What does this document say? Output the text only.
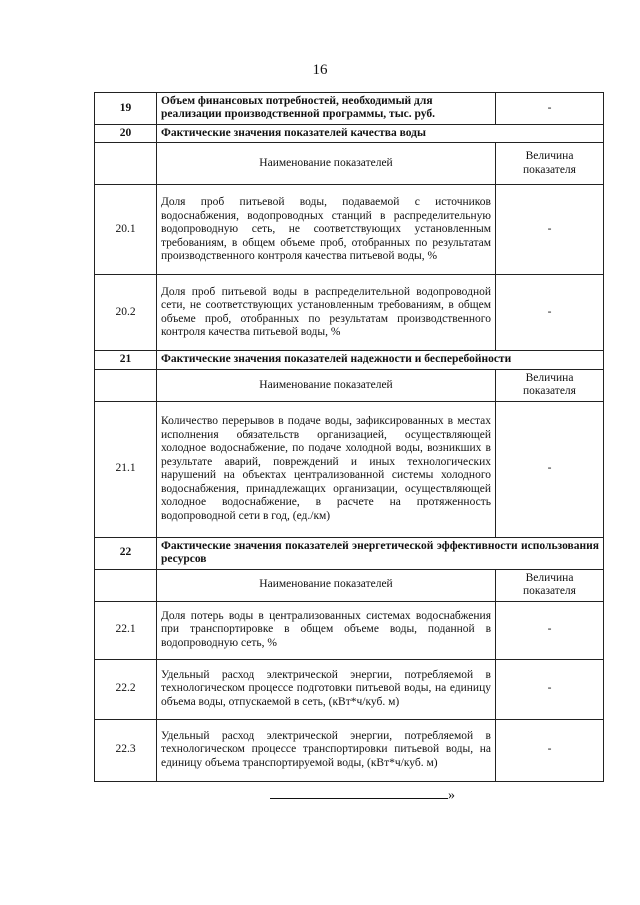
16
19	Объем финансовых потребностей, необходимый для реализации производственной программы, тыс. руб.	-
20	Фактические значения показателей качества воды	
	Наименование показателей	Величина показателя
20.1	Доля проб питьевой воды, подаваемой с источников водоснабжения, водопроводных станций в распределительную водопроводную сеть, не соответствующих установленным требованиям, в общем объеме проб, отобранных по результатам производственного контроля качества питьевой воды, %	-
20.2	Доля проб питьевой воды в распределительной водопроводной сети, не соответствующих установленным требованиям, в общем объеме проб, отобранных по результатам производственного контроля качества питьевой воды, %	-
21	Фактические значения показателей надежности и бесперебойности	
	Наименование показателей	Величина показателя
21.1	Количество перерывов в подаче воды, зафиксированных в местах исполнения обязательств организацией, осуществляющей холодное водоснабжение, по подаче холодной воды, возникших в результате аварий, повреждений и иных технологических нарушений на объектах централизованной системы холодного водоснабжения, принадлежащих организации, осуществляющей холодное водоснабжение, в расчете на протяженность водопроводной сети в год, (ед./км)	-
22	Фактические значения показателей энергетической эффективности использования ресурсов	
	Наименование показателей	Величина показателя
22.1	Доля потерь воды в централизованных системах водоснабжения при транспортировке в общем объеме воды, поданной в водопроводную сеть, %	-
22.2	Удельный расход электрической энергии, потребляемой в технологическом процессе подготовки питьевой воды, на единицу объема воды, отпускаемой в сеть, (кВт*ч/куб. м)	-
22.3	Удельный расход электрической энергии, потребляемой в технологическом процессе транспортировки питьевой воды, на единицу объема транспортируемой воды, (кВт*ч/куб. м)	-
»
